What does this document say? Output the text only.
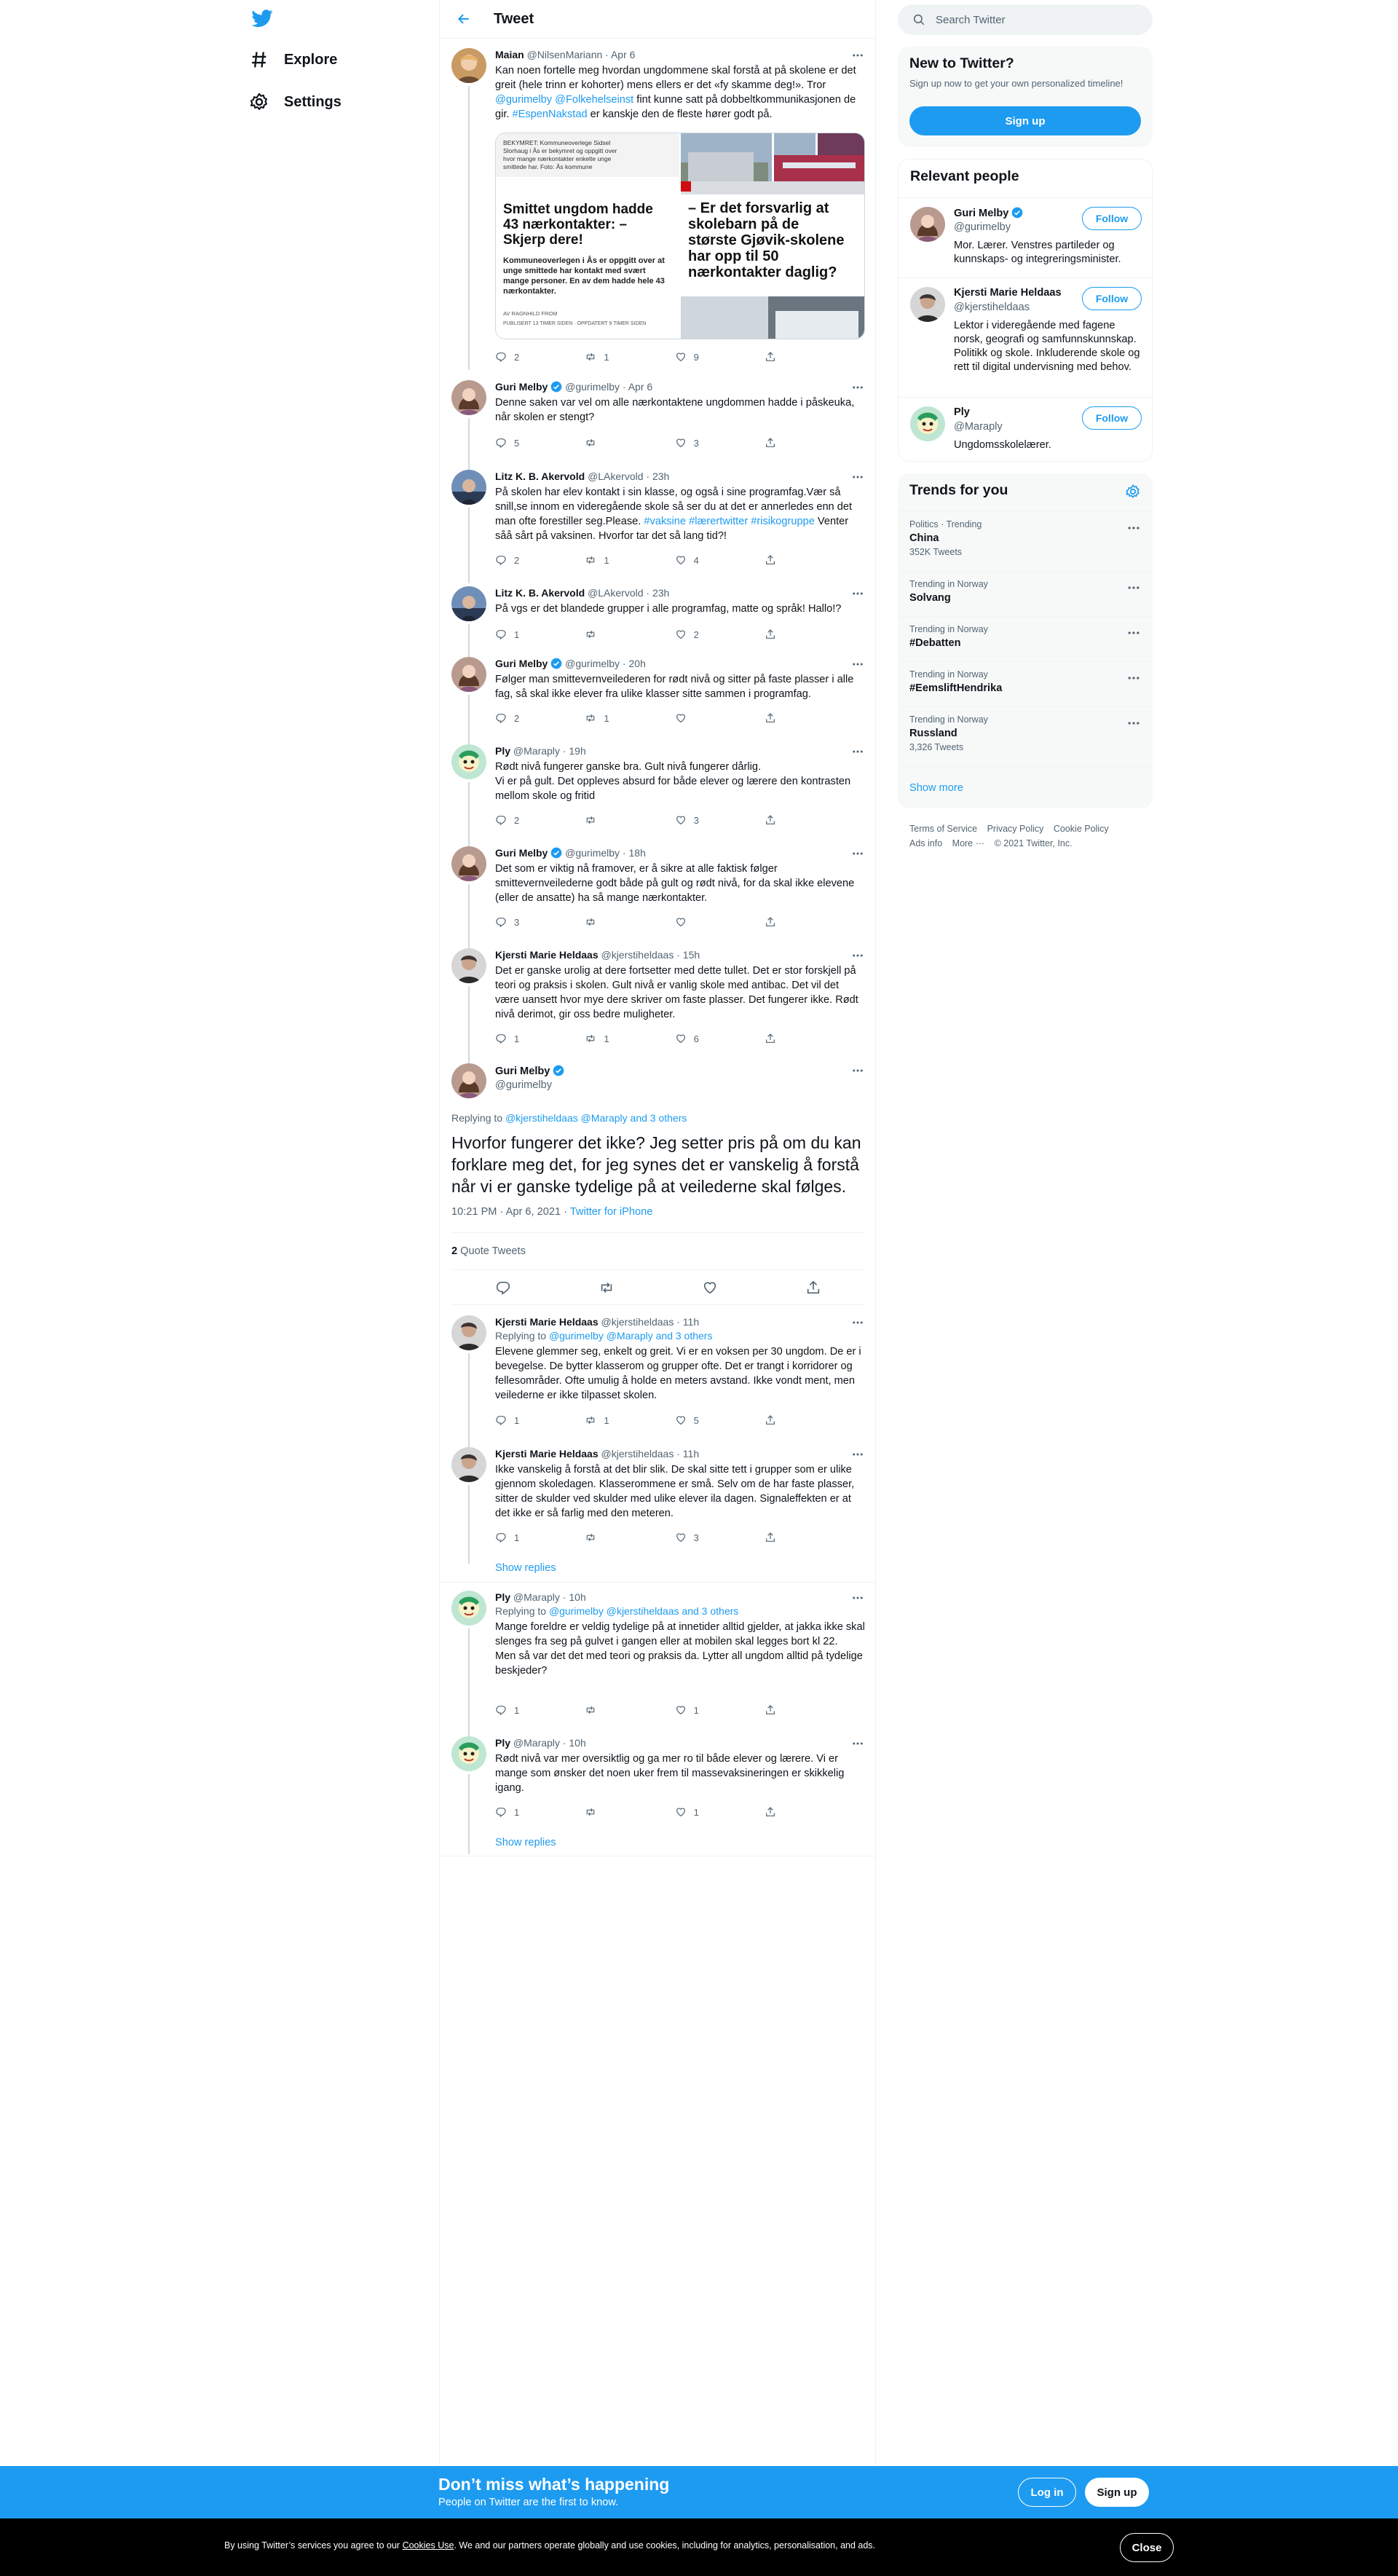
Explore
Settings
Tweet
Maian @NilsenMariann · Apr 6
Kan noen fortelle meg hvordan ungdommene skal forstå at på skolene er det greit (hele trinn er kohorter) mens ellers er det «fy skamme deg!». Tror @gurimelby @Folkehelseinst fint kunne satt på dobbeltkommunikasjonen de gir. #EspenNakstad er kanskje den de fleste hører godt på.
BEKYMRET: Kommuneoverlege Sidsel Slorhaug i Ås er bekymret og oppgitt over hvor mange nærkontakter enkelte unge smittede har. Foto: Ås kommune
Smittet ungdom hadde 43 nærkontakter: – Skjerp dere!
Kommuneoverlegen i Ås er oppgitt over at unge smittede har kontakt med svært mange personer. En av dem hadde hele 43 nærkontakter.
AV RAGNHILD FROM
PUBLISERT 13 TIMER SIDEN · OPPDATERT 9 TIMER SIDEN
– Er det forsvarlig at skolebarn på de største Gjøvik-skolene har opp til 50 nærkontakter daglig?
2	1	9
Guri Melby @gurimelby · Apr 6
Denne saken var vel om alle nærkontaktene ungdommen hadde i påskeuka, når skolen er stengt?
5	3
Litz K. B. Akervold @LAkervold · 23h
På skolen har elev kontakt i sin klasse, og også i sine programfag.Vær så snill,se innom en videregående skole så ser du at det er annerledes enn det man ofte forestiller seg.Please. #vaksine #lærertwitter #risikogruppe Venter såå sårt på vaksinen. Hvorfor tar det så lang tid?!
2	1	4
Litz K. B. Akervold @LAkervold · 23h
På vgs er det blandede grupper i alle programfag, matte og språk! Hallo!?
1	2
Guri Melby @gurimelby · 20h
Følger man smittevernveilederen for rødt nivå og sitter på faste plasser i alle fag, så skal ikke elever fra ulike klasser sitte sammen i programfag.
2	1
Ply @Maraply · 19h
Rødt nivå fungerer ganske bra. Gult nivå fungerer dårlig.
Vi er på gult. Det oppleves absurd for både elever og lærere den kontrasten mellom skole og fritid
2	3
Guri Melby @gurimelby · 18h
Det som er viktig nå framover, er å sikre at alle faktisk følger smittevernveilederne godt både på gult og rødt nivå, for da skal ikke elevene (eller de ansatte) ha så mange nærkontakter.
3
Kjersti Marie Heldaas @kjerstiheldaas · 15h
Det er ganske urolig at dere fortsetter med dette tullet. Det er stor forskjell på teori og praksis i skolen. Gult nivå er vanlig skole med antibac. Det vil det være uansett hvor mye dere skriver om faste plasser. Det fungerer ikke. Rødt nivå derimot, gir oss bedre muligheter.
1	1	6
Guri Melby
@gurimelby
Replying to @kjerstiheldaas @Maraply and 3 others
Hvorfor fungerer det ikke? Jeg setter pris på om du kan forklare meg det, for jeg synes det er vanskelig å forstå når vi er ganske tydelige på at veilederne skal følges.
10:21 PM · Apr 6, 2021 · Twitter for iPhone
2 Quote Tweets
Kjersti Marie Heldaas @kjerstiheldaas · 11h
Replying to @gurimelby @Maraply and 3 others
Elevene glemmer seg, enkelt og greit. Vi er en voksen per 30 ungdom. De er i bevegelse. De bytter klasserom og grupper ofte. Det er trangt i korridorer og fellesområder. Ofte umulig å holde en meters avstand. Ikke vondt ment, men veilederne er ikke tilpasset skolen.
1	1	5
Kjersti Marie Heldaas @kjerstiheldaas · 11h
Ikke vanskelig å forstå at det blir slik. De skal sitte tett i grupper som er ulike gjennom skoledagen. Klasserommene er små. Selv om de har faste plasser, sitter de skulder ved skulder med ulike elever ila dagen. Signaleffekten er at det ikke er så farlig med den meteren.
1	3
Show replies
Ply @Maraply · 10h
Replying to @gurimelby @kjerstiheldaas and 3 others
Mange foreldre er veldig tydelige på at innetider alltid gjelder, at jakka ikke skal slenges fra seg på gulvet i gangen eller at mobilen skal legges bort kl 22.
Men så var det det med teori og praksis da. Lytter all ungdom alltid på tydelige beskjeder?
1	1
Ply @Maraply · 10h
Rødt nivå var mer oversiktlig og ga mer ro til både elever og lærere. Vi er mange som ønsker det noen uker frem til massevaksineringen er skikkelig igang.
1	1
Show replies
Search Twitter
New to Twitter?
Sign up now to get your own personalized timeline!
Sign up
Relevant people
Guri Melby
@gurimelby
Mor. Lærer. Venstres partileder og kunnskaps- og integreringsminister.
Follow
Kjersti Marie Heldaas
@kjerstiheldaas
Lektor i videregående med fagene norsk, geografi og samfunnskunnskap. Politikk og skole. Inkluderende skole og rett til digital undervisning med behov.
Follow
Ply
@Maraply
Ungdomsskolelærer.
Follow
Trends for you
Politics · Trending
China
352K Tweets
Trending in Norway
Solvang
Trending in Norway
#Debatten
Trending in Norway
#EemsliftHendrika
Trending in Norway
Russland
3,326 Tweets
Show more
Terms of Service Privacy Policy Cookie Policy
Ads info More ··· © 2021 Twitter, Inc.
Don’t miss what’s happening
People on Twitter are the first to know.
Log in	Sign up
By using Twitter’s services you agree to our Cookies Use. We and our partners operate globally and use cookies, including for analytics, personalisation, and ads.	Close
